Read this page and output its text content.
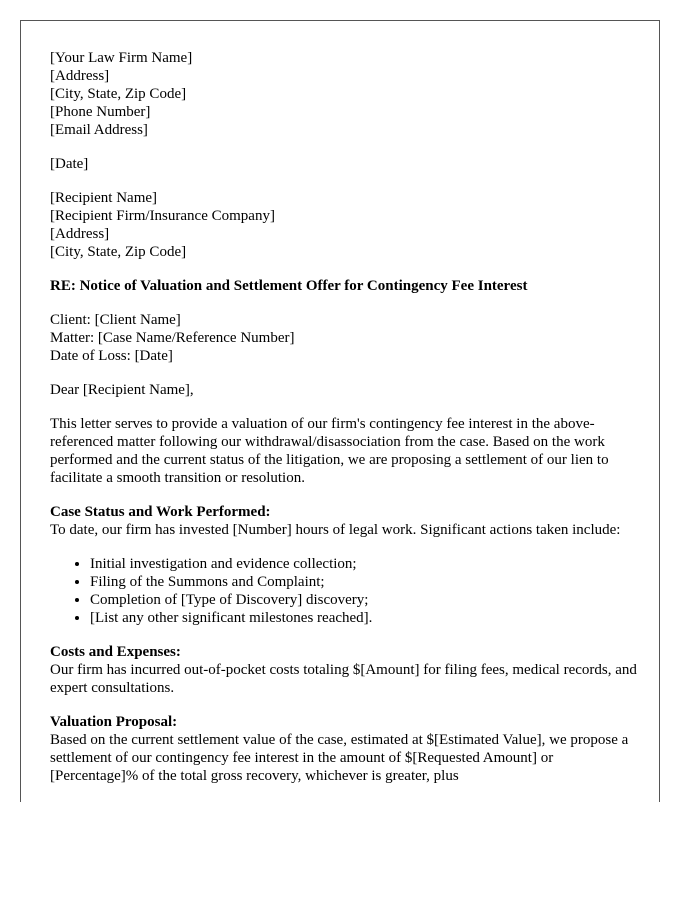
[Your Law Firm Name]
[Address]
[City, State, Zip Code]
[Phone Number]
[Email Address]
[Date]
[Recipient Name]
[Recipient Firm/Insurance Company]
[Address]
[City, State, Zip Code]
RE: Notice of Valuation and Settlement Offer for Contingency Fee Interest
Client: [Client Name]
Matter: [Case Name/Reference Number]
Date of Loss: [Date]

Dear [Recipient Name],

This letter serves to provide a valuation of our firm's contingency fee interest in the above-referenced matter following our withdrawal/disassociation from the case. Based on the work performed and the current status of the litigation, we are proposing a settlement of our lien to facilitate a smooth transition or resolution.

Case Status and Work Performed:

To date, our firm has invested [Number] hours of legal work. Significant actions taken include:

• Initial investigation and evidence collection;
• Filing of the Summons and Complaint;
• Completion of [Type of Discovery] discovery;
• [List any other significant milestones reached].
Costs and Expenses:

Our firm has incurred out-of-pocket costs totaling $[Amount] for filing fees, medical records, and expert consultations.

Valuation Proposal:

Based on the current settlement value of the case, estimated at $[Estimated Value], we propose a settlement of our contingency fee interest in the amount of $[Requested Amount] or [Percentage]% of the total gross recovery, whichever is greater, plus
